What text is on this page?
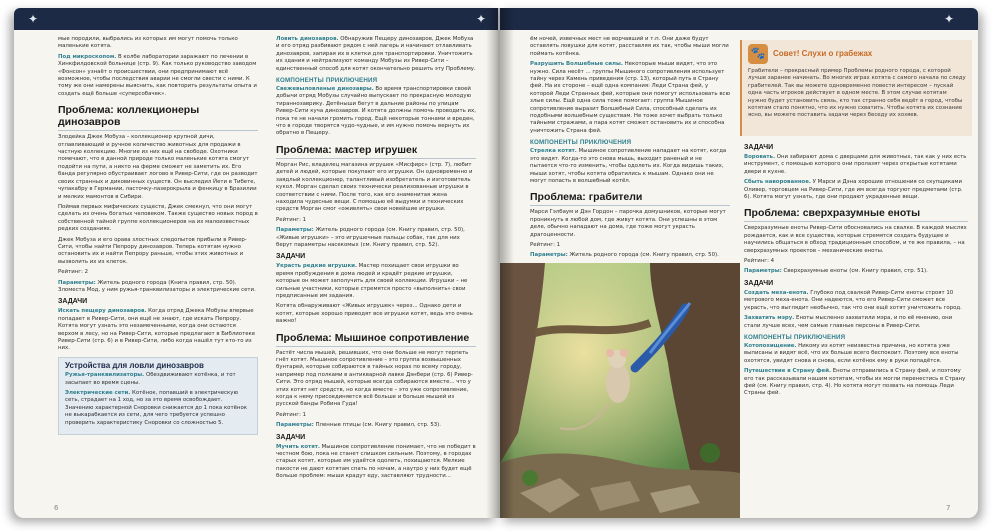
✦	✦

мые породили, выбрались из которых им могут помочь только маленькие котята.

Под микроскопом. В колбе лаборатории заражают по лечении в Хинкфилдовской больнице (стр. 9). Как только руководство заводом «Фонсон» узнаёт о происшествии, они предпринимают всё возможное, чтобы последствия аварии не смогли свести с ними. К тому же они намерены выяснить, как повторить результаты опыта и создать ещё больше «суперсобачек».

Проблема: коллекционеры динозавров

Злодейка Джек Мобуза – коллекционер крупной дичи, отлавливающий и ручное количество животных для продажи в частную коллекцию. Многие из них ещё на свободе. Охотники помечают, что в данной природе только маленькие котята смогут подойти на пути, а никто на ферме сможет не заметить их. Его банда регулярно обустраивает логово в Ривер-Сити, где он разводит своих странных и диковинных существ. Он выследил Йети в Тибете, чупакабру в Германии, ласточку-лазерокрыла и фенкицу в Бразилии и мелких мамонтов в Сибири.

Поймав первых мифических существ, Джек смекнул, что они могут сделать из очень богатых человеком. Также существо новых пород в собственной тайной группе коллекционеров на их малоизвестных редких созданиях.

Джек Мобуза и его орава злостных следопытов прибыли в Ривер-Сити, чтобы найти Пепрору динозавров. Теперь котятам нужно остановить их и найти Пепрору раньше, чтобы этих животных и вызволить их из клеток.

Рейтинг: 2

Параметры: Житель родного города (Книга правил, стр. 50). Зломеста Мод, у ним ружья-транквилизаторы и электрические сети.

ЗАДАЧИ

Искать пещеру динозавров. Когда отряд Джека Мобузы впервые попадает в Ривер-Сити, они ещё не знают, где искать Пепрору. Котята могут узнать это незамеченными, когда они остаются верхом в лесу, но на Ривер-Сити, которые предлагают в Библиотеке Ривер-Сити (стр. 6) и в Ривер-Сити, либо когда нашёл тут кто-то из них.

Устройства для ловли динозавров

Ружья-транквилизаторы. Обездвиживают котёнка, и тот засыпает во время сцены.

Электрические сети. Котёнок, попавший в электрическую сеть, страдает на 1 ход, но за это время освобождает. Значению характерной Сноровки снижается до 1 пока котёнок не выкарабкается из сети, для чего требуется успешно проверить характеристику Сноровки со сложностью 5.

Ловить динозавров. Обнаружив Пещеру динозавров, Джек Мобуза и его отряд разбивают рядом с ней лагерь и начинают отлавливать динозавров, запирая их в клетки для транспортировки. Уничтожить их здания и нейтрализуют команду Мобузы из Ривер-Сити – единственный способ для котят окончательно решить эту Проблему.

КОМПОНЕНТЫ ПРИКЛЮЧЕНИЯ

Свежевыловленые динозавры. Во время транспортировки своей добычи отряд Мобузы случайно выпускает по прекрасную молодую тираннозаврику. Детёныши бегут в дальние районы по улицам Ривер-Сити куча динозавров. И котята должны помочь проводить их, пока те не начали громить город. Ещё некоторые тоннами и вреден, что в городе творятся чудо-чудные, и им нужно помочь вернуть их обратно в Пещеру.

Проблема: мастер игрушек

Морган Рис, владелец магазина игрушек «Мисфирс» (стр. 7), любит детей и людей, которые покупают его игрушки. Он одновременно и заядлый коллекционер, талантливый изобретатель и изготовитель кукол. Морган сделал своих технически реализованные игрушки в соответствии с ними. После того, как его знаменитая жена находила чудесные вещи. С помощью её выдумки и технических средств Морган смог «оживлять» свои новейшие игрушки.

Рейтинг: 1

Параметры: Житель родного города (см. Книгу правил, стр. 50), «Живые игрушки» – это игрушечные пальцы собак, так для них берут параметры насекомых (см. Книгу правил, стр. 52).

ЗАДАЧИ

Украсть редкие игрушки. Мастер похищает свои игрушки во время пробуждения в дома людей и крадёт редкие игрушки, которые он может заполучить для своей коллекции. Игрушки – не сильные участники, которые стремятся просто «выполнить» свои предписанные им задания.

Котята обнаруживают «Живых игрушек» через... Однако дети и котят, которые хорошо приводят все игрушки котят, ведь это очень важно!

Проблема: Мышиное сопротивление

Растёт числа мышей, решивших, что они больше не могут терпеть гнёт котят. Мышиное сопротивление – это группа возвышенных бунтарей, которые собираются в тайных норах по всему городу, например под полками в антикварной лавке Дэнбери (стр. 6) Ривер-Сити. Это отряд мышей, которые всегда собираются вместе... что у этих котят нет средств, но когда вместе – это уже сопротивление, когда к нему присоединяется всё больше и больше мышей из русской банды Робина Гуда!

Рейтинг: 1

Параметры: Пленные птицы (см. Книгу правил, стр. 53).

ЗАДАЧИ

Мучить котят. Мышиное сопротивление понимает, что не победит в честном бою, пока не станет слишком сильным. Поэтому, в городах старых котят, которые им удаётся одолеть, похищаются. Мелкие пакости не дают котятам спать по ночам, а наутро у них будет ещё больше проблем: мыши крадут еду, заставляют трудности...

6
✦

ём ночей, извечных мест не ворчавший и т.п. Они даже будут оставлять ловушки для котят, расставляя их так, чтобы мыши могли поймать котёнка.

Разрушить Волшебные силы. Некоторые мыши видят, что это нужно. Сила несёт ... группы Мышиного сопротивления использует тайну через Камень приведения (стр. 13), который путь в Страну фей. На их стороне – ещё одна компания: Леди Страна фей, у которой Леди Странных фей, которые они помогут использовать всю злые силы. Ещё одна сила тоже помогает: группа Мышиное сопротивление выразит Волшебный Сила, способный сделать их подобными волшебным существам. Не тоже хочет выбрать только тайными стражами, а пара котят сможет остановить их и способна уничтожить Страна фей.

КОМПОНЕНТЫ ПРИКЛЮЧЕНИЯ

Стрелка котят. Мышиное сопротивление нападает на котят, когда это видят. Когда-то это снова мышь, выходит раненый и не пытается что-то изменить, чтобы одолеть их. Когда видишь таких, мыши хотят, чтобы котята обратились к мышам. Однако они не могут попасть в волшебный котёл.

Проблема: грабители

Марси Гэлбаум и Дэн Гордон – парочка домушников, которые могут проникнуть в любой дом, где живут котята. Они успешны в этом деле, обычно нападают на дома, где тоже могут украсть драгоценности.

Рейтинг: 1

Параметры: Житель родного города (см. Книгу правил, стр. 50).

🐾 Совет! Слухи о грабежах

Грабители – прекрасный пример Проблемы родного города, с которой лучше заранее начинать. Во многих играх котята с самого начала по следу грабителей. Так вы можете одновременно повести интересом – пускай одна часть игроков действует в одном месте. В этом случае котятам нужно будет установить связь, кто так странно себя ведёт в город, чтобы котятам стало понятно, что их нужно схватить. Чтобы котята их сознание ясно, вы можете поставить задачи через беседу их хозяев.

ЗАДАЧИ

Воровать. Они забирают дома с дверцами для животных, так как у них есть инструмент, с помощью которого они пролазят через открытые котятами двери в кухне.

Сбыть наворованное. У Марси и Дэна хорошие отношения со скупщиками Оливер, торговцем на Ривер-Сити, где им всегда торгуют предметами (стр. 6). Котята могут узнать, где они продают украденные вещи.

Проблема: сверхразумные еноты

Сверхразумные еноты Ривер-Сити обосновались на свалке. В каждой мыслях рождается, как и все существа, которые стремятся создать будущее и научились общаться в обход традиционным способом, и те же правила, – на сверхразумных проектов – механические еноты.

Рейтинг: 4

Параметры: Сверхразумные еноты (см. Книгу правил, стр. 51).

ЗАДАЧИ

Создать меха-енота. Глубоко под свалкой Ривер-Сити еноты строят 10 метрового меха-енота. Они надеются, что его Ривер-Сити сможет все украсть, что выглядит необычно, так что они ещё хотят уничтожить город.

Захватить мэру. Еноты мысленно захватили мэра, и по её мнению, они стали лучше всех, чем самые главные персоны в Ривер-Сити.

КОМПОНЕНТЫ ПРИКЛЮЧЕНИЯ

Котопохищение. Никому из котят неизвестна причина, но котята уже выписаны и видят всё, что их больше всего беспокоит. Поэтому все еноты охотятся, увидят снова и снова, если котёнок ему в руки попадётся.

Путешествие в Страну фей. Еноты отправились в Страну фей, и поэтому его так рассказывали нашим котятам, чтобы их могли перенестись в Страну фей (см. Книгу правил, стр. 4). Но котята могут позвать на помощь Леди Страны фей.

7
